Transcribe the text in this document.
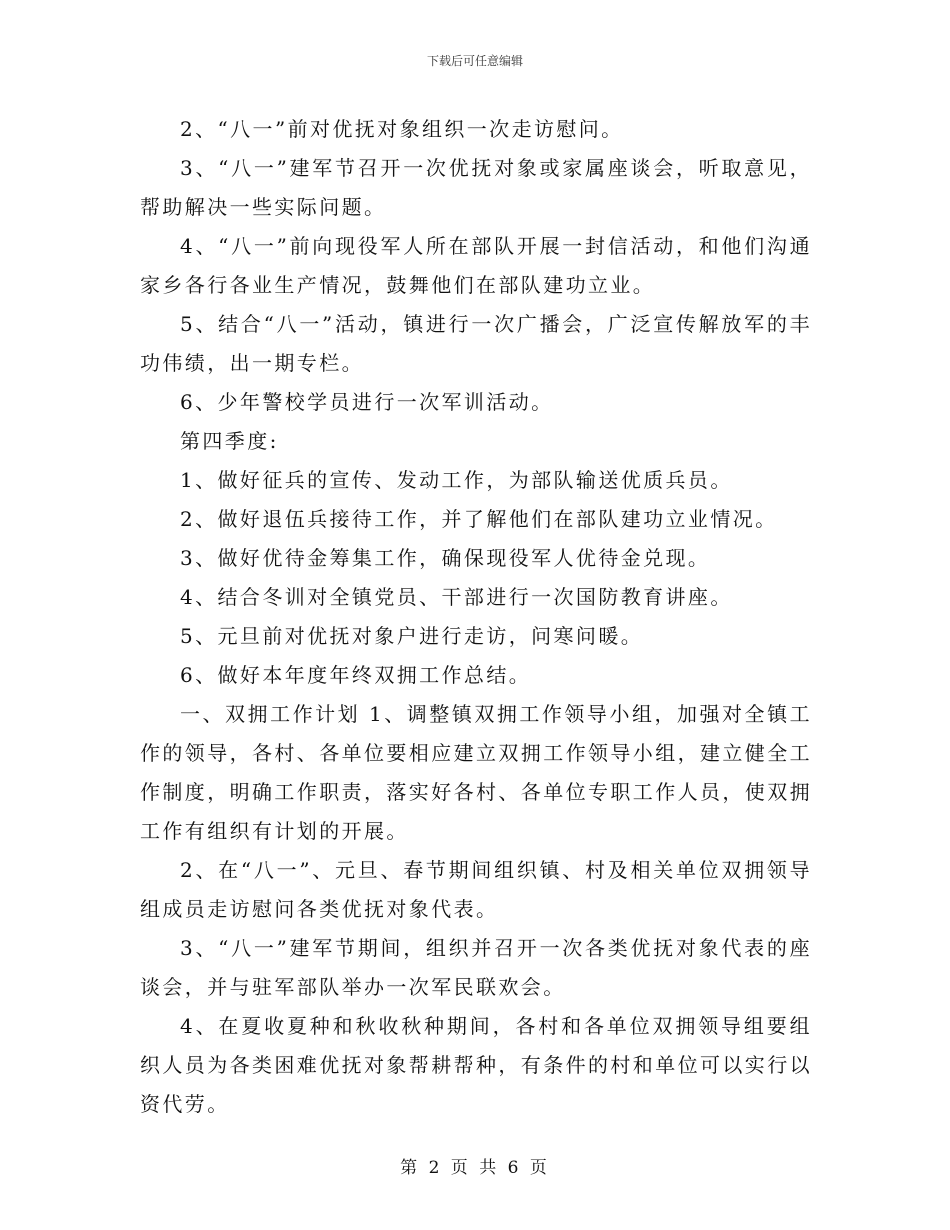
下载后可任意编辑

2、“八一”前对优抚对象组织一次走访慰问。

3、“八一”建军节召开一次优抚对象或家属座谈会，听取意见，帮助解决一些实际问题。

4、“八一”前向现役军人所在部队开展一封信活动，和他们沟通家乡各行各业生产情况，鼓舞他们在部队建功立业。

5、结合“八一”活动，镇进行一次广播会，广泛宣传解放军的丰功伟绩，出一期专栏。

6、少年警校学员进行一次军训活动。

第四季度:

1、做好征兵的宣传、发动工作，为部队输送优质兵员。

2、做好退伍兵接待工作，并了解他们在部队建功立业情况。

3、做好优待金筹集工作，确保现役军人优待金兑现。

4、结合冬训对全镇党员、干部进行一次国防教育讲座。

5、元旦前对优抚对象户进行走访，问寒问暖。

6、做好本年度年终双拥工作总结。

一、双拥工作计划 1、调整镇双拥工作领导小组，加强对全镇工作的领导，各村、各单位要相应建立双拥工作领导小组，建立健全工作制度，明确工作职责，落实好各村、各单位专职工作人员，使双拥工作有组织有计划的开展。

2、在“八一”、元旦、春节期间组织镇、村及相关单位双拥领导组成员走访慰问各类优抚对象代表。

3、“八一”建军节期间，组织并召开一次各类优抚对象代表的座谈会，并与驻军部队举办一次军民联欢会。

4、在夏收夏种和秋收秋种期间，各村和各单位双拥领导组要组织人员为各类困难优抚对象帮耕帮种，有条件的村和单位可以实行以资代劳。

第 2 页 共 6 页
